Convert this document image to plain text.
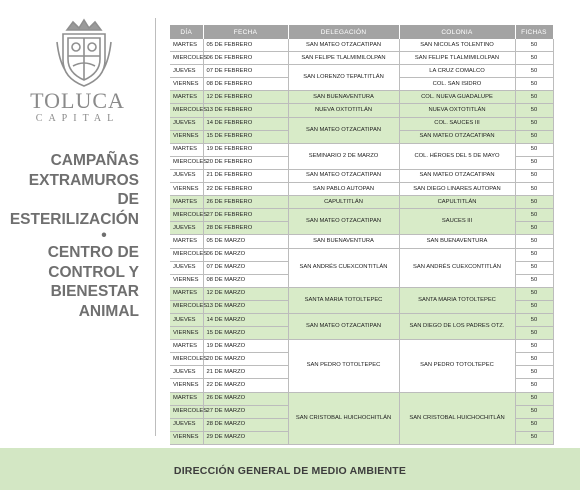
TOLUCA
CAPITAL
CAMPAÑAS
EXTRAMUROS
DE
ESTERILIZACIÓN
•
CENTRO DE
CONTROL Y
BIENESTAR
ANIMAL
DÍA	FECHA	DELEGACIÓN	COLONIA	FICHAS
MARTES	05 DE FEBRERO	SAN MATEO OTZACATIPAN	SAN NICOLAS TOLENTINO	50
MIERCOLES	06 DE FEBRERO	SAN FELIPE TLALMIMILOLPAN	SAN FELIPE TLALMIMILOLPAN	50
JUEVES	07 DE FEBRERO	SAN LORENZO TEPALTITLÁN	LA CRUZ COMALCO	50
VIERNES	08 DE FEBRERO		COL. SAN ISIDRO	50
MARTES	12 DE FEBRERO	SAN BUENAVENTURA	COL. NUEVA GUADALUPE	50
MIERCOLES	13 DE FEBRERO	NUEVA OXTOTITLÁN	NUEVA OXTOTITLÁN	50
JUEVES	14 DE FEBRERO	SAN MATEO OTZACATIPAN	COL. SAUCES III	50
VIERNES	15 DE FEBRERO		SAN MATEO OTZACATIPAN	50
MARTES	19 DE FEBRERO	SEMINARIO 2 DE MARZO	COL. HÉROES DEL 5 DE MAYO	50
MIERCOLES	20 DE FEBRERO			50
JUEVES	21 DE FEBRERO	SAN MATEO OTZACATIPAN	SAN MATEO OTZACATIPAN	50
VIERNES	22 DE FEBRERO	SAN PABLO AUTOPAN	SAN DIEGO LINARES AUTOPAN	50
MARTES	26 DE FEBRERO	CAPULTITLÁN	CAPULTITLÁN	50
MIERCOLES	27 DE FEBRERO	SAN MATEO OTZACATIPAN	SAUCES III	50
JUEVES	28 DE FEBRERO			50
MARTES	05 DE MARZO	SAN BUENAVENTURA	SAN BUENAVENTURA	50
MIERCOLES	06 DE MARZO	SAN ANDRÉS CUEXCONTITLÁN	SAN ANDRÉS CUEXCONTITLÁN	50
JUEVES	07 DE MARZO			50
VIERNES	08 DE MARZO			50
MARTES	12 DE MARZO	SANTA MARIA TOTOLTEPEC	SANTA MARIA TOTOLTEPEC	50
MIERCOLES	13 DE MARZO			50
JUEVES	14 DE MARZO	SAN MATEO OTZACATIPAN	SAN DIEGO DE LOS PADRES OTZ.	50
VIERNES	15 DE MARZO			50
MARTES	19 DE MARZO	SAN PEDRO TOTOLTEPEC	SAN PEDRO TOTOLTEPEC	50
MIERCOLES	20 DE MARZO			50
JUEVES	21 DE MARZO			50
VIERNES	22 DE MARZO			50
MARTES	26 DE MARZO	SAN CRISTOBAL HUICHOCHITLÁN	SAN CRISTOBAL HUICHOCHITLÁN	50
MIERCOLES	27 DE MARZO			50
JUEVES	28 DE MARZO			50
VIERNES	29 DE MARZO			50
DIRECCIÓN GENERAL DE MEDIO AMBIENTE
